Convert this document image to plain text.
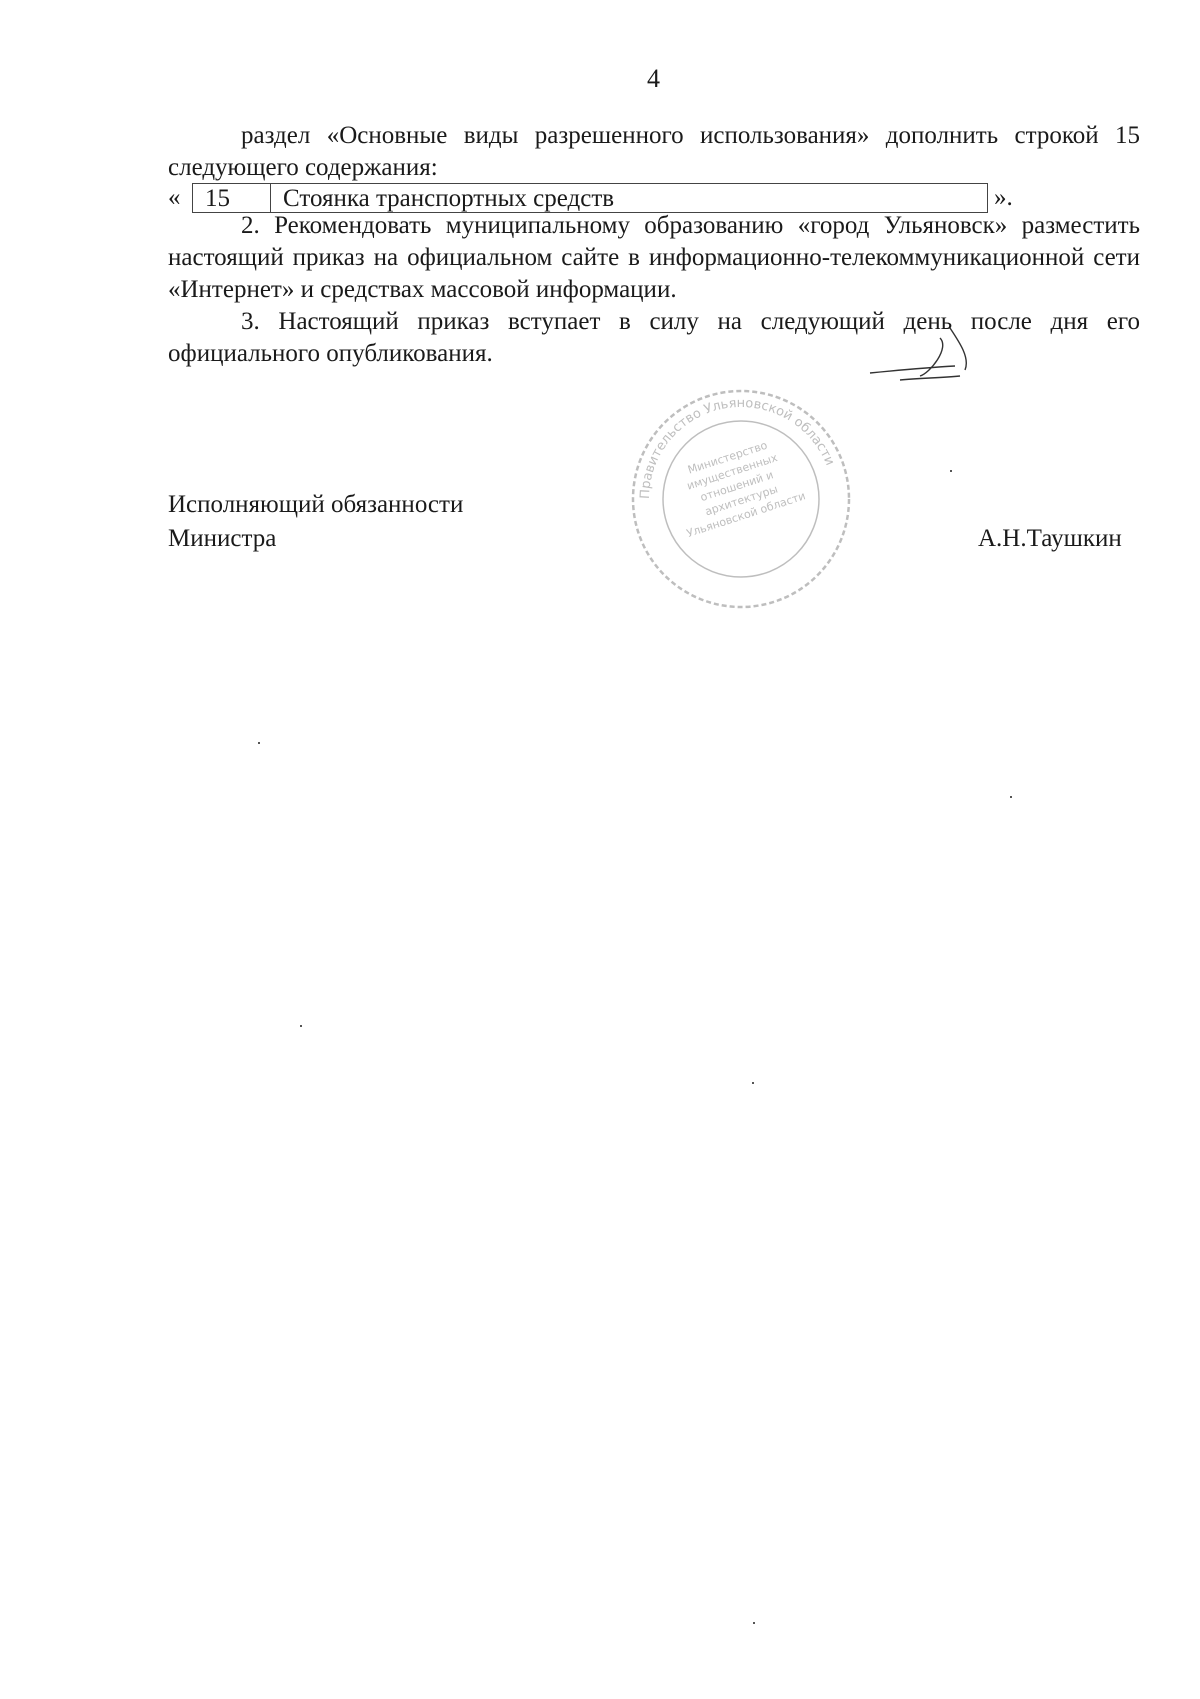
4
раздел «Основные виды разрешенного использования» дополнить строкой 15 следующего содержания:
« 15	Стоянка транспортных средств	».
2. Рекомендовать муниципальному образованию «город Ульяновск» разместить настоящий приказ на официальном сайте в информационно-телекоммуникационной сети «Интернет» и средствах массовой информации.
3. Настоящий приказ вступает в силу на следующий день после дня его официального опубликования.
Правительство Ульяновской области
Министерство имущественных отношений и архитектуры Ульяновской области
Исполняющий обязанности
Министра	А.Н.Таушкин
